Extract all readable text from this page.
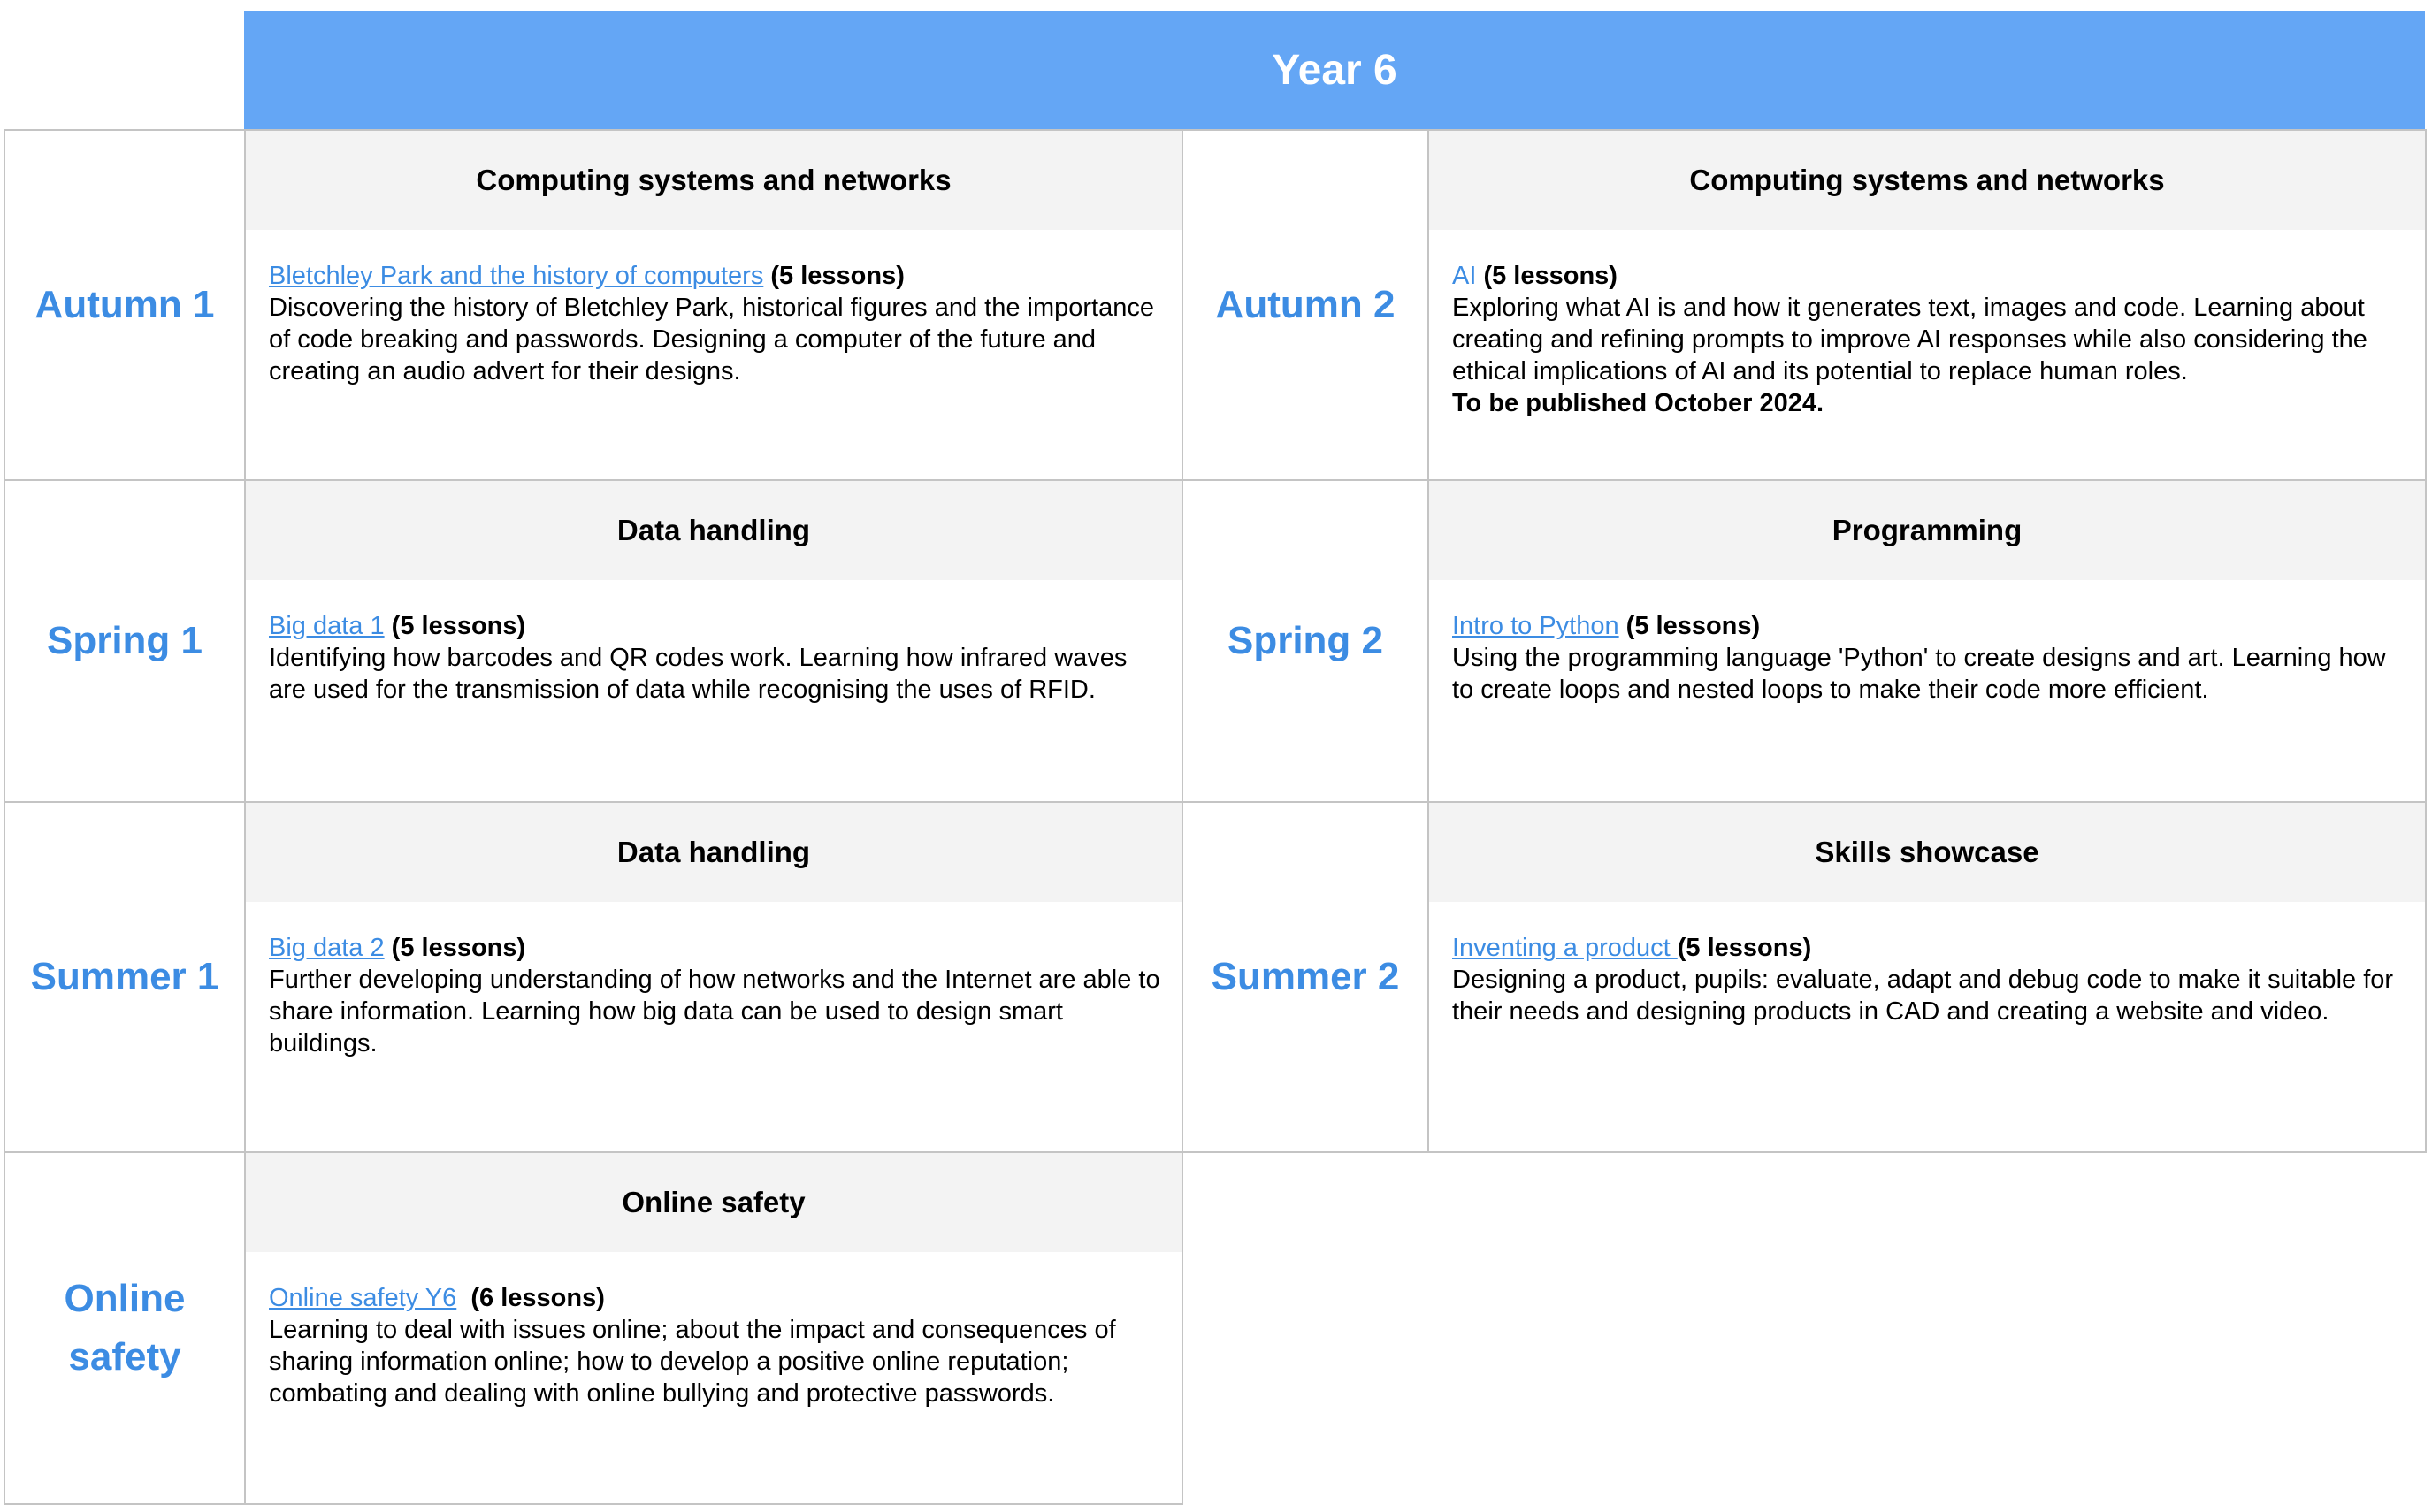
Year 6
Autumn 1
Computing systems and networks
Bletchley Park and the history of computers (5 lessons)
Discovering the history of Bletchley Park, historical figures and the importance of code breaking and passwords. Designing a computer of the future and creating an audio advert for their designs.
Autumn 2
Computing systems and networks
AI (5 lessons)
Exploring what AI is and how it generates text, images and code. Learning about creating and refining prompts to improve AI responses while also considering the ethical implications of AI and its potential to replace human roles.
To be published October 2024.
Spring 1
Data handling
Big data 1 (5 lessons)
Identifying how barcodes and QR codes work. Learning how infrared waves are used for the transmission of data while recognising the uses of RFID.
Spring 2
Programming
Intro to Python (5 lessons)
Using the programming language 'Python' to create designs and art. Learning how to create loops and nested loops to make their code more efficient.
Summer 1
Data handling
Big data 2 (5 lessons)
Further developing understanding of how networks and the Internet are able to share information. Learning how big data can be used to design smart buildings.
Summer 2
Skills showcase
Inventing a product (5 lessons)
Designing a product, pupils: evaluate, adapt and debug code to make it suitable for their needs and designing products in CAD and creating a website and video.
Online
safety
Online safety
Online safety Y6  (6 lessons)
Learning to deal with issues online; about the impact and consequences of sharing information online; how to develop a positive online reputation; combating and dealing with online bullying and protective passwords.
